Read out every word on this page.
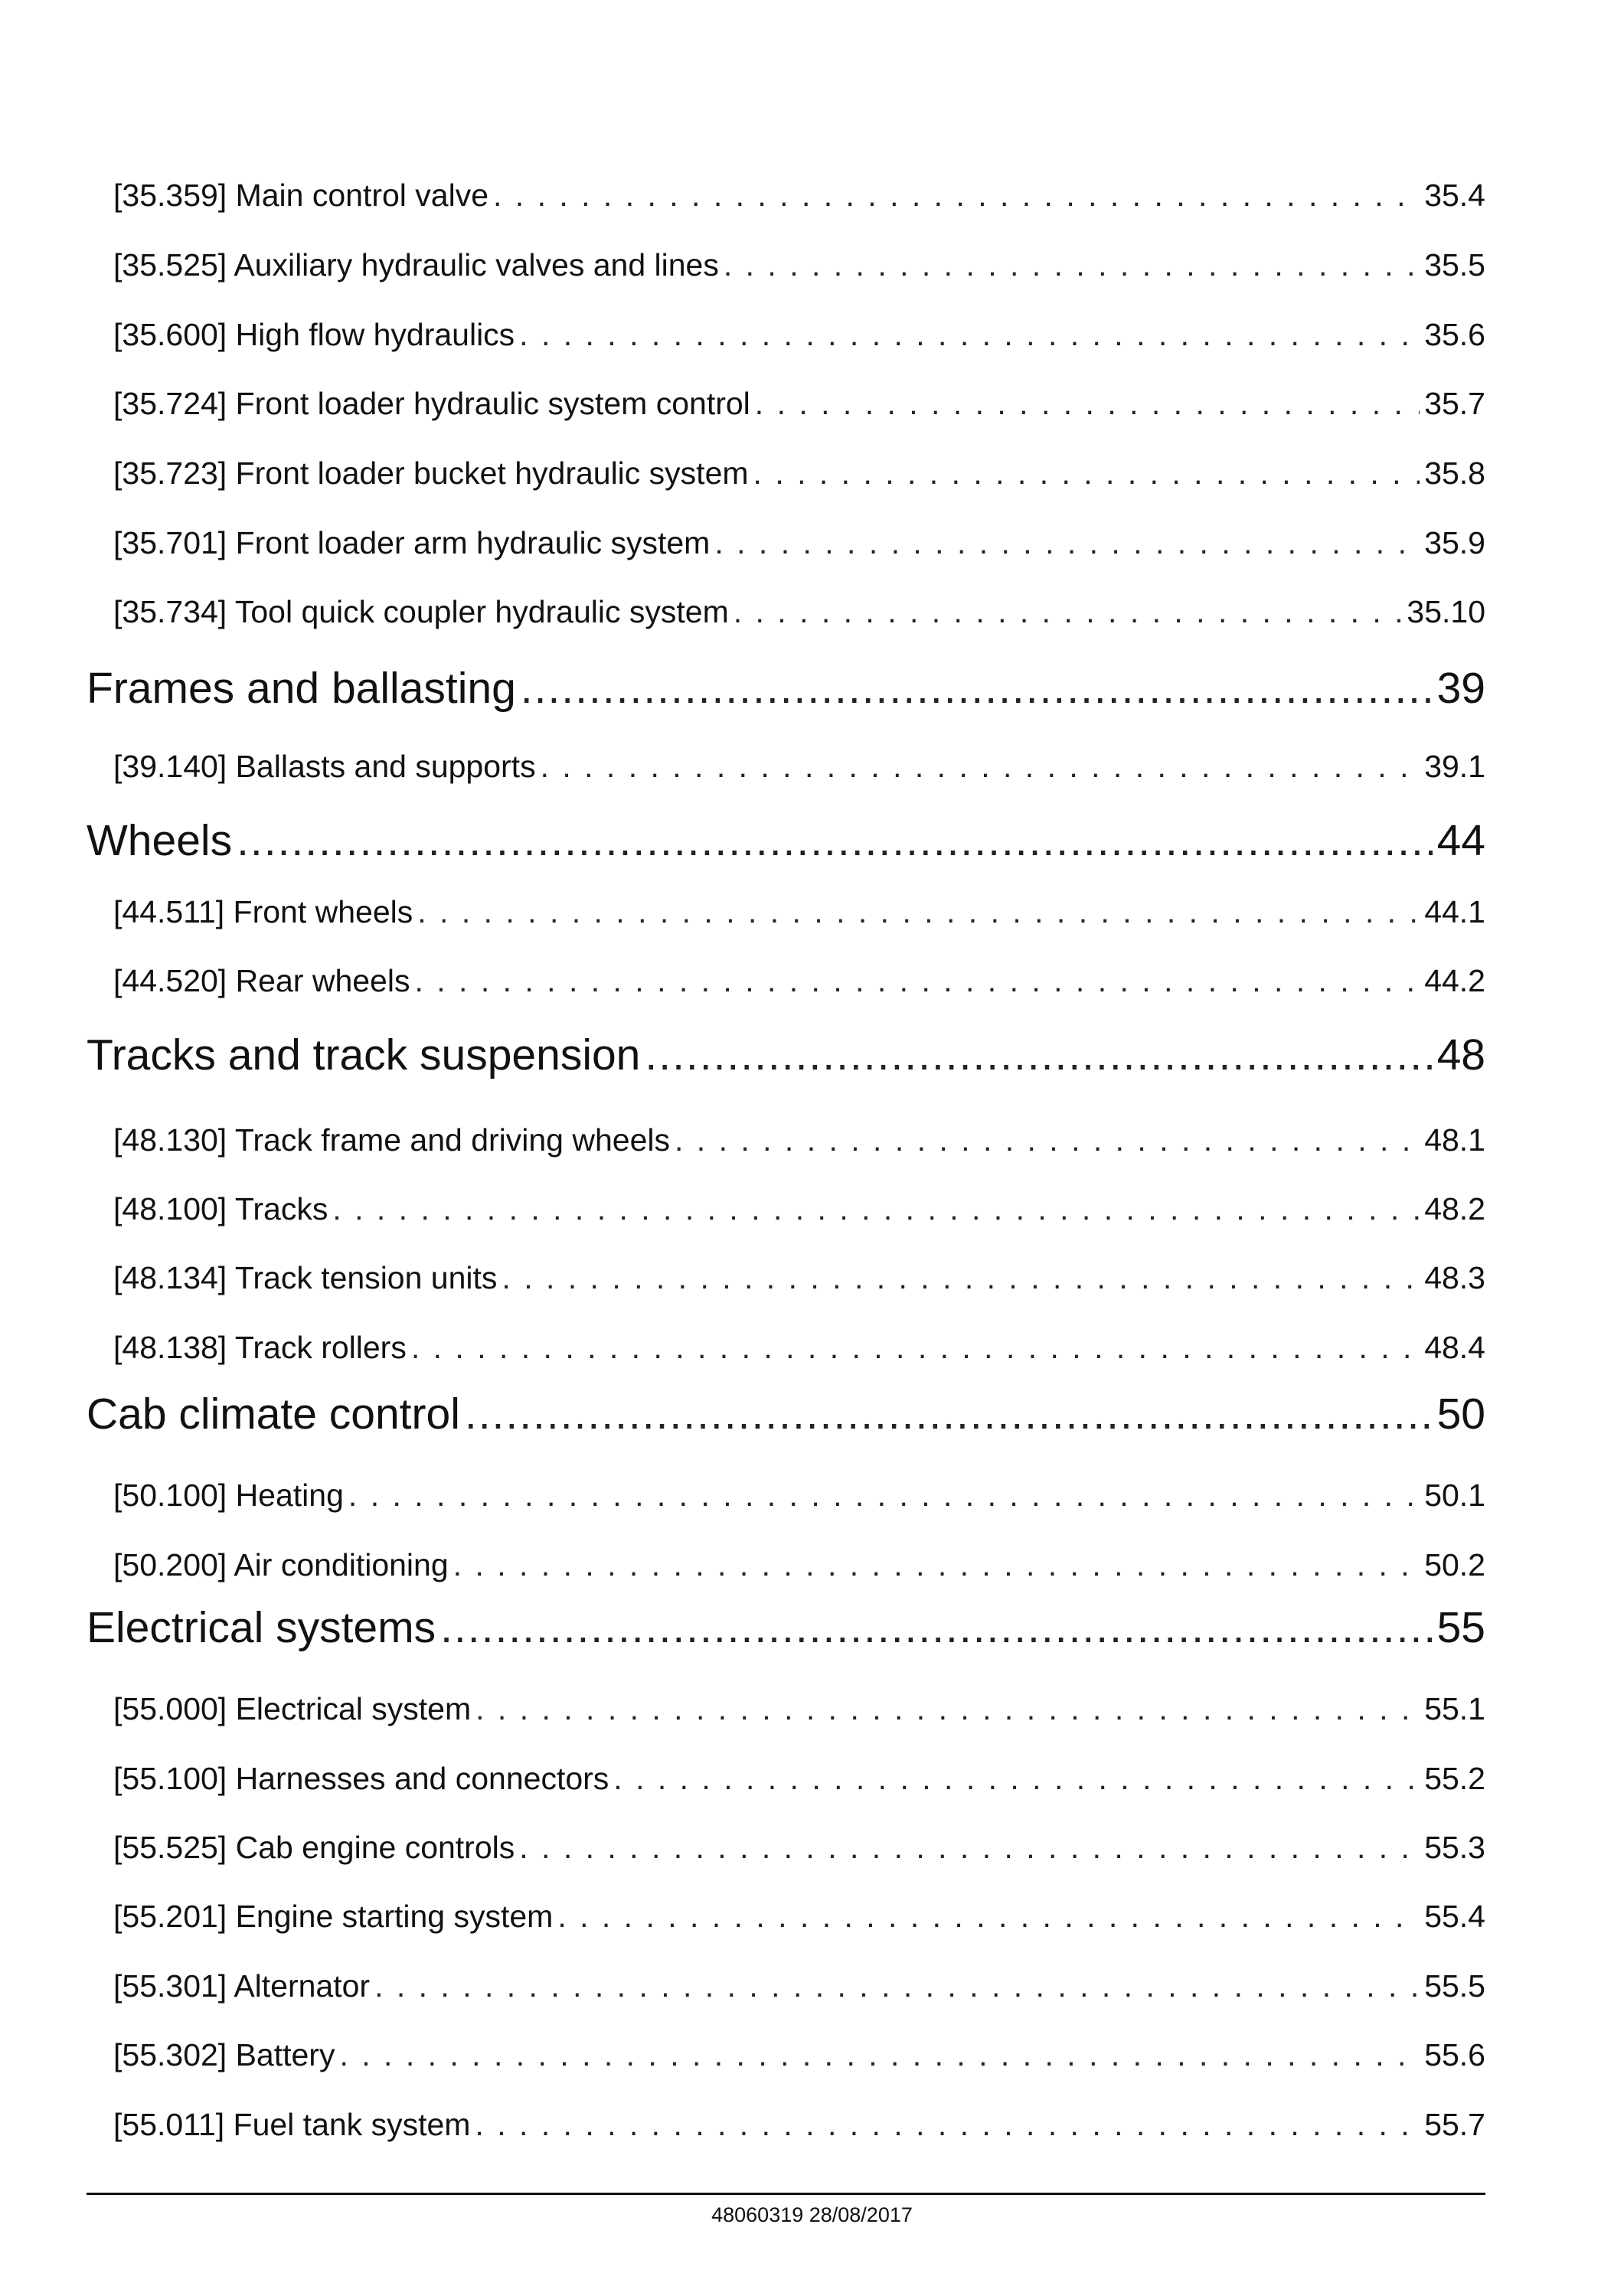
[35.359] Main control valve . . .	35.4
[35.525] Auxiliary hydraulic valves and lines . . .	35.5
[35.600] High flow hydraulics . . .	35.6
[35.724] Front loader hydraulic system control . . .	35.7
[35.723] Front loader bucket hydraulic system . . .	35.8
[35.701] Front loader arm hydraulic system . . .	35.9
[35.734] Tool quick coupler hydraulic system . . .	35.10
Frames and ballasting .....	39
[39.140] Ballasts and supports . . .	39.1
Wheels .....	44
[44.511] Front wheels . . .	44.1
[44.520] Rear wheels . . .	44.2
Tracks and track suspension .....	48
[48.130] Track frame and driving wheels . . .	48.1
[48.100] Tracks . . .	48.2
[48.134] Track tension units . . .	48.3
[48.138] Track rollers . . .	48.4
Cab climate control .....	50
[50.100] Heating . . .	50.1
[50.200] Air conditioning . . .	50.2
Electrical systems .....	55
[55.000] Electrical system . . .	55.1
[55.100] Harnesses and connectors . . .	55.2
[55.525] Cab engine controls . . .	55.3
[55.201] Engine starting system . . .	55.4
[55.301] Alternator . . .	55.5
[55.302] Battery . . .	55.6
[55.011] Fuel tank system . . .	55.7
48060319 28/08/2017
